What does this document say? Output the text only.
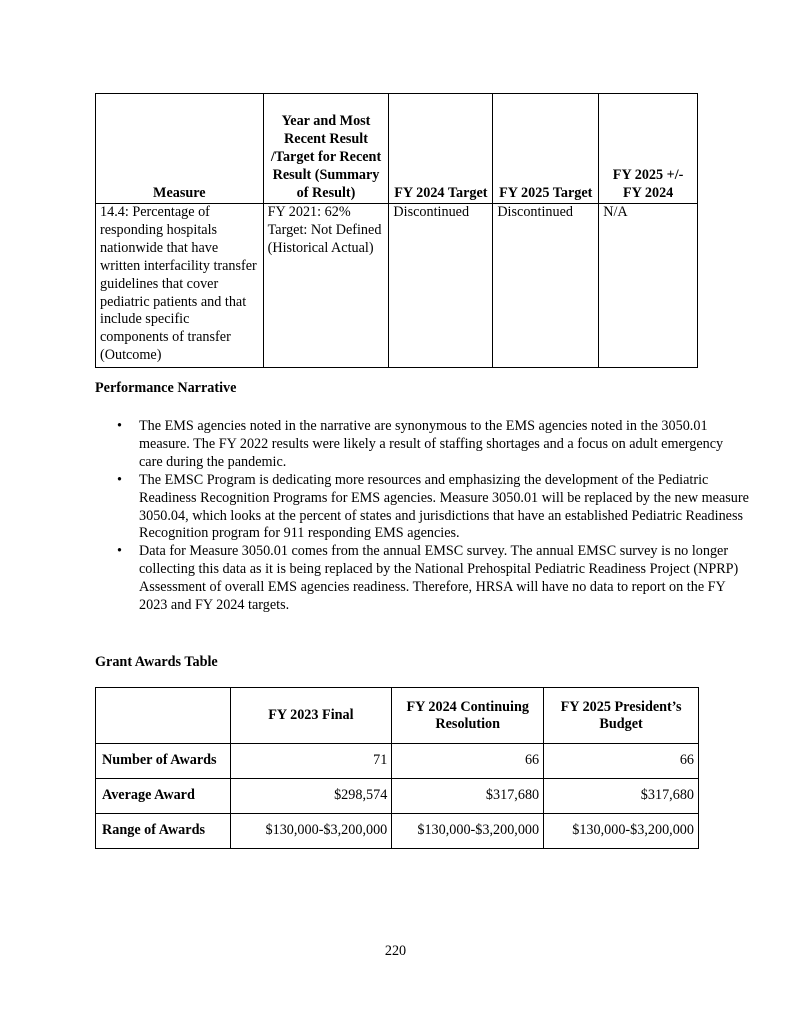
Measure	Year and Most Recent Result /Target for Recent Result (Summary of Result)	FY 2024 Target	FY 2025 Target	FY 2025 +/- FY 2024
14.4: Percentage of responding hospitals nationwide that have written interfacility transfer guidelines that cover pediatric patients and that include specific components of transfer (Outcome)	FY 2021: 62% Target: Not Defined (Historical Actual)	Discontinued	Discontinued	N/A
Performance Narrative
• The EMS agencies noted in the narrative are synonymous to the EMS agencies noted in the 3050.01 measure. The FY 2022 results were likely a result of staffing shortages and a focus on adult emergency care during the pandemic.
• The EMSC Program is dedicating more resources and emphasizing the development of the Pediatric Readiness Recognition Programs for EMS agencies. Measure 3050.01 will be replaced by the new measure 3050.04, which looks at the percent of states and jurisdictions that have an established Pediatric Readiness Recognition program for 911 responding EMS agencies.
• Data for Measure 3050.01 comes from the annual EMSC survey. The annual EMSC survey is no longer collecting this data as it is being replaced by the National Prehospital Pediatric Readiness Project (NPRP) Assessment of overall EMS agencies readiness. Therefore, HRSA will have no data to report on the FY 2023 and FY 2024 targets.
Grant Awards Table
	FY 2023 Final	FY 2024 Continuing Resolution	FY 2025 President’s Budget
Number of Awards	71	66	66
Average Award	$298,574	$317,680	$317,680
Range of Awards	$130,000-$3,200,000	$130,000-$3,200,000	$130,000-$3,200,000
220
